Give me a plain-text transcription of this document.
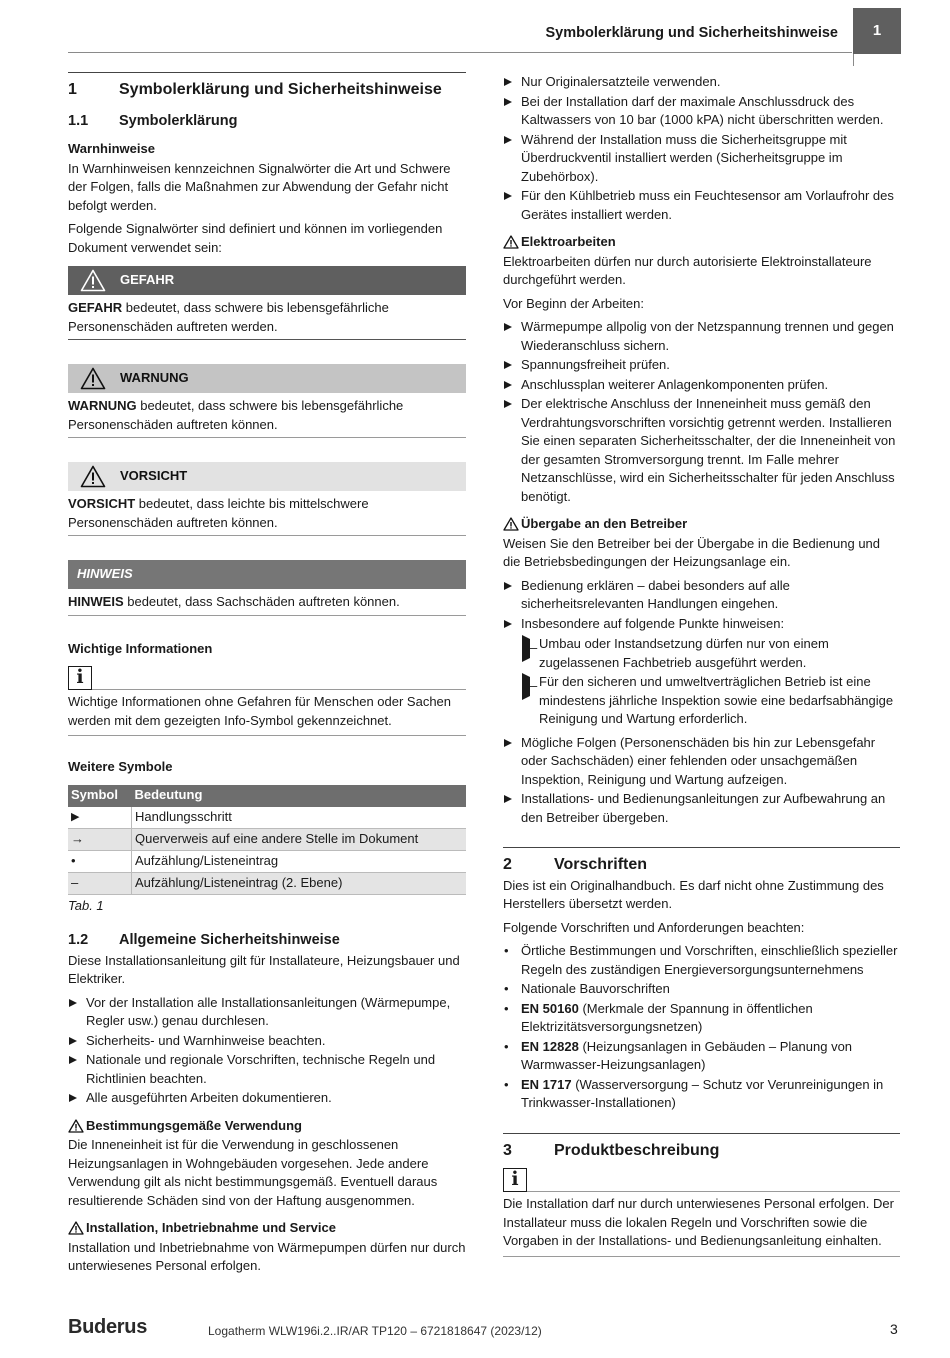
Symbolerklärung und Sicherheitshinweise	1
1	Symbolerklärung und Sicherheitshinweise
1.1	Symbolerklärung
Warnhinweise

In Warnhinweisen kennzeichnen Signalwörter die Art und Schwere der Folgen, falls die Maßnahmen zur Abwendung der Gefahr nicht befolgt werden.

Folgende Signalwörter sind definiert und können im vorliegenden Dokument verwendet sein:

GEFAHR
GEFAHR bedeutet, dass schwere bis lebensgefährliche Personenschäden auftreten werden.
WARNUNG
WARNUNG bedeutet, dass schwere bis lebensgefährliche Personenschäden auftreten können.
VORSICHT
VORSICHT bedeutet, dass leichte bis mittelschwere Personenschäden auftreten können.
HINWEIS
HINWEIS bedeutet, dass Sachschäden auftreten können.
Wichtige Informationen
i
Wichtige Informationen ohne Gefahren für Menschen oder Sachen werden mit dem gezeigten Info-Symbol gekennzeichnet.
Weitere Symbole
Symbol	Bedeutung
▶	Handlungsschritt
→	Querverweis auf eine andere Stelle im Dokument
•	Aufzählung/Listeneintrag
–	Aufzählung/Listeneintrag (2. Ebene)
Tab. 1
1.2	Allgemeine Sicherheitshinweise

Diese Installationsanleitung gilt für Installateure, Heizungsbauer und Elektriker.

Vor der Installation alle Installationsanleitungen (Wärmepumpe, Regler usw.) genau durchlesen.
Sicherheits- und Warnhinweise beachten.
Nationale und regionale Vorschriften, technische Regeln und Richtlinien beachten.
Alle ausgeführten Arbeiten dokumentieren.
Bestimmungsgemäße Verwendung

Die Inneneinheit ist für die Verwendung in geschlossenen Heizungsanlagen in Wohngebäuden vorgesehen. Jede andere Verwendung gilt als nicht bestimmungsgemäß. Eventuell daraus resultierende Schäden sind von der Haftung ausgenommen.

Installation, Inbetriebnahme und Service

Installation und Inbetriebnahme von Wärmepumpen dürfen nur durch unterwiesenes Personal erfolgen.

Nur Originalersatzteile verwenden.
Bei der Installation darf der maximale Anschlussdruck des Kaltwassers von 10 bar (1000 kPA) nicht überschritten werden.
Während der Installation muss die Sicherheitsgruppe mit Überdruckventil installiert werden (Sicherheitsgruppe im Zubehörbox).
Für den Kühlbetrieb muss ein Feuchtesensor am Vorlaufrohr des Gerätes installiert werden.
Elektroarbeiten

Elektroarbeiten dürfen nur durch autorisierte Elektroinstallateure durchgeführt werden.

Vor Beginn der Arbeiten:

Wärmepumpe allpolig von der Netzspannung trennen und gegen Wiederanschluss sichern.
Spannungsfreiheit prüfen.
Anschlussplan weiterer Anlagenkomponenten prüfen.
Der elektrische Anschluss der Inneneinheit muss gemäß den Verdrahtungsvorschriften vorsichtig getrennt werden. Installieren Sie einen separaten Sicherheitsschalter, der die Inneneinheit von der gesamten Stromversorgung trennt. Im Falle mehrer Netzanschlüsse, wird ein Sicherheitsschalter für jeden Anschluss benötigt.
Übergabe an den Betreiber

Weisen Sie den Betreiber bei der Übergabe in die Bedienung und die Betriebsbedingungen der Heizungsanlage ein.

Bedienung erklären – dabei besonders auf alle sicherheitsrelevanten Handlungen eingehen.
Insbesondere auf folgende Punkte hinweisen:
– Umbau oder Instandsetzung dürfen nur von einem zugelassenen Fachbetrieb ausgeführt werden.
– Für den sicheren und umweltverträglichen Betrieb ist eine mindestens jährliche Inspektion sowie eine bedarfsabhängige Reinigung und Wartung erforderlich.
Mögliche Folgen (Personenschäden bis hin zur Lebensgefahr oder Sachschäden) einer fehlenden oder unsachgemäßen Inspektion, Reinigung und Wartung aufzeigen.
Installations- und Bedienungsanleitungen zur Aufbewahrung an den Betreiber übergeben.
2	Vorschriften

Dies ist ein Originalhandbuch. Es darf nicht ohne Zustimmung des Herstellers übersetzt werden.

Folgende Vorschriften und Anforderungen beachten:

• Örtliche Bestimmungen und Vorschriften, einschließlich spezieller Regeln des zuständigen Energieversorgungsunternehmens
• Nationale Bauvorschriften
• EN 50160 (Merkmale der Spannung in öffentlichen Elektrizitätsversorgungsnetzen)
• EN 12828 (Heizungsanlagen in Gebäuden – Planung von Warmwasser-Heizungsanlagen)
• EN 1717 (Wasserversorgung – Schutz vor Verunreinigungen in Trinkwasser-Installationen)
3	Produktbeschreibung
i
Die Installation darf nur durch unterwiesenes Personal erfolgen. Der Installateur muss die lokalen Regeln und Vorschriften sowie die Vorgaben in der Installations- und Bedienungsanleitung einhalten.
Buderus	Logatherm WLW196i.2..IR/AR TP120 – 6721818647 (2023/12)	3
